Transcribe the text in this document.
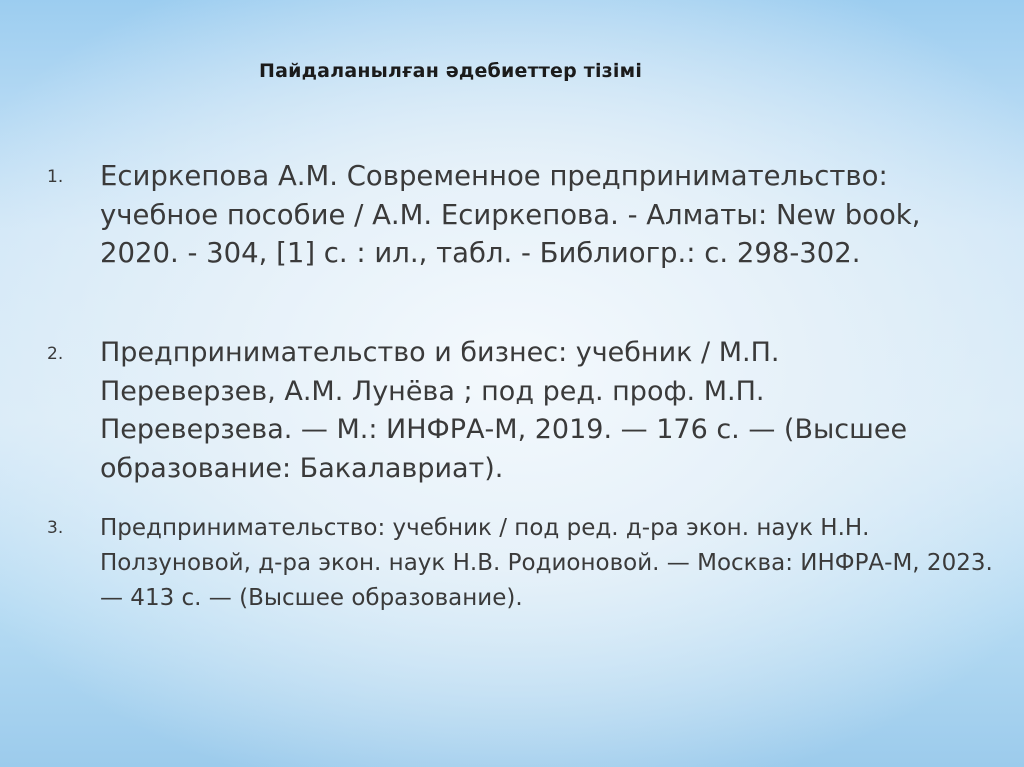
Пайдаланылған әдебиеттер тізімі
1. Есиркепова А.М. Современное предпринимательство: учебное пособие / А.М. Есиркепова. - Алматы: New book, 2020. - 304, [1] с. : ил., табл. - Библиогр.: с. 298-302.
2. Предпринимательство и бизнес: учебник / М.П. Переверзев, А.М. Лунёва ; под ред. проф. М.П. Переверзева. — М.: ИНФРА-М, 2019. — 176 с. — (Высшее образование: Бакалавриат).
3. Предпринимательство: учебник / под ред. д-ра экон. наук Н.Н. Ползуновой, д-ра экон. наук Н.В. Родионовой. — Москва: ИНФРА-М, 2023. — 413 с. — (Высшее образование).
